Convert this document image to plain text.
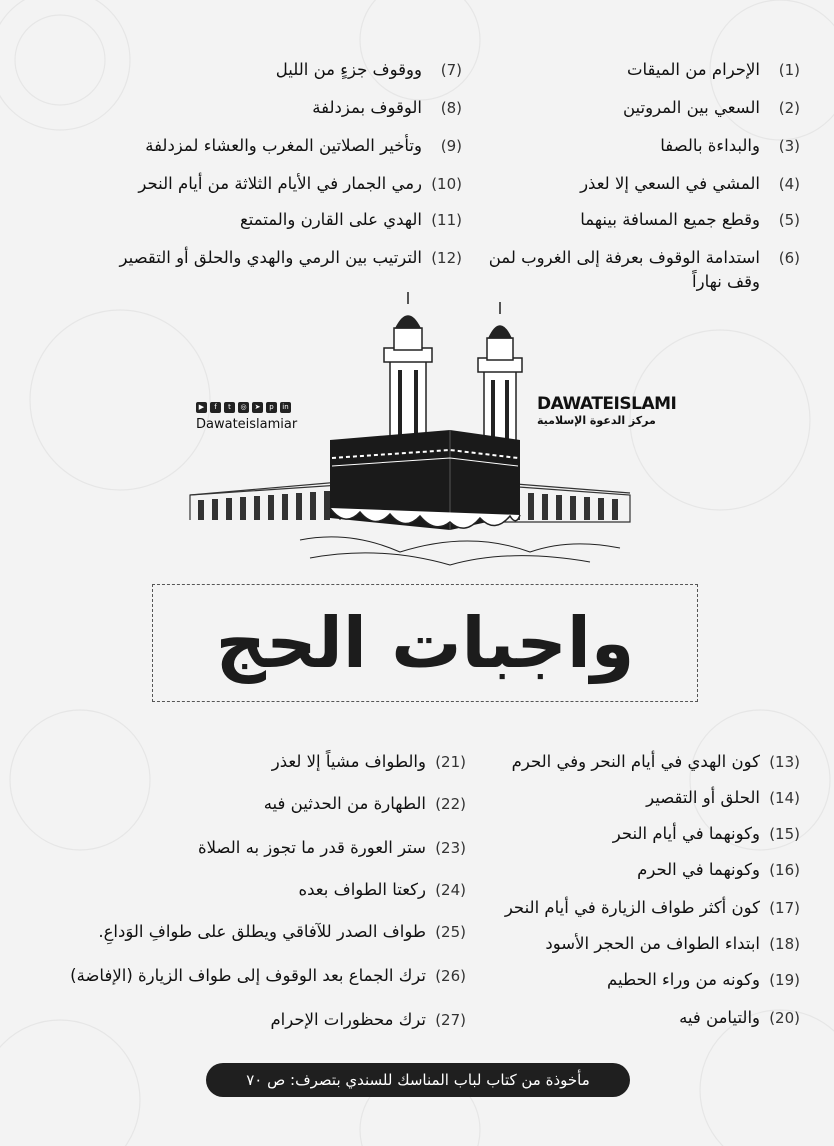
(1)
الإحرام من الميقات
(2)
السعي بين المروتين
(3)
والبداءة بالصفا
(4)
المشي في السعي إلا لعذر
(5)
وقطع جميع المسافة بينهما
(6)
استدامة الوقوف بعرفة إلى الغروب لمن وقف نهاراً
(7)
ووقوف جزءٍ من الليل
(8)
الوقوف بمزدلفة
(9)
وتأخير الصلاتين المغرب والعشاء لمزدلفة
(10)
رمي الجمار في الأيام الثلاثة من أيام النحر
(11)
الهدي على القارن والمتمتع
(12)
الترتيب بين الرمي والهدي والحلق أو التقصير
DAWATEISLAMI
مركز الدعوة الإسلامية
▶	f	t	◎	➤	p	in
Dawateislamiar
واجبات الحج
(13)
كون الهدي في أيام النحر وفي الحرم
(14)
الحلق أو التقصير
(15)
وكونهما في أيام النحر
(16)
وكونهما في الحرم
(17)
كون أكثر طواف الزيارة في أيام النحر
(18)
ابتداء الطواف من الحجر الأسود
(19)
وكونه من وراء الحطيم
(20)
والتيامن فيه
(21)
والطواف مشياً إلا لعذر
(22)
الطهارة من الحدثين فيه
(23)
ستر العورة قدر ما تجوز به الصلاة
(24)
ركعتا الطواف بعده
(25)
طواف الصدر للآفاقي ويطلق على طوافِ الوَداعِ.
(26)
ترك الجماع بعد الوقوف إلى طواف الزيارة (الإفاضة)
(27)
ترك محظورات الإحرام
مأخوذة من كتاب لباب المناسك للسندي بتصرف: ص ٧٠
